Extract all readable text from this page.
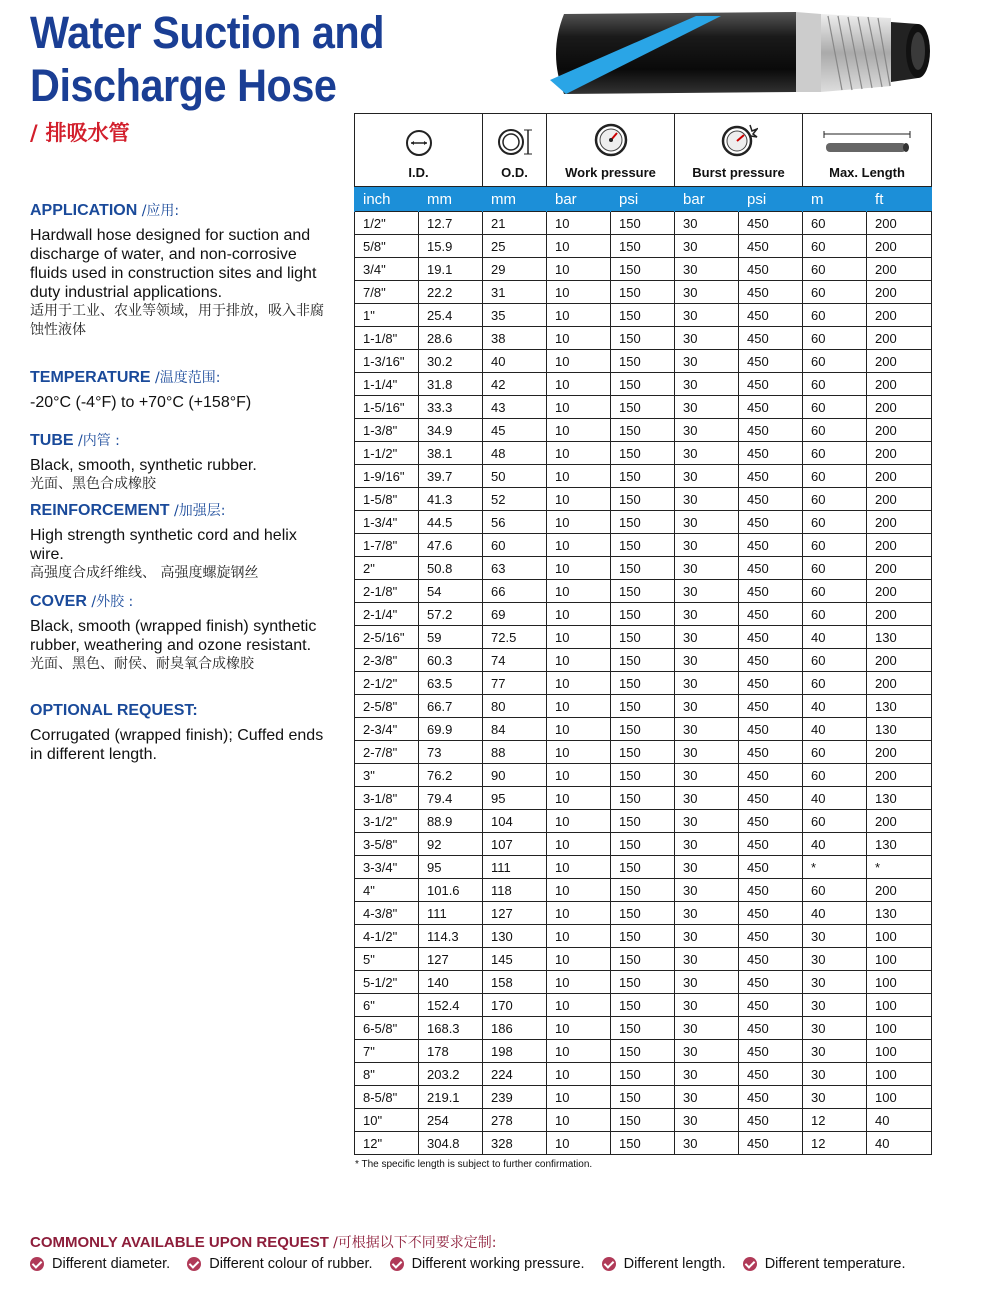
Water Suction and
Discharge Hose
/ 排吸水管
APPLICATION /应用:
Hardwall hose designed for suction and discharge of water, and non-corrosive fluids used in construction sites and light duty industrial applications.
适用于工业、农业等领域，用于排放，吸入非腐蚀性液体
TEMPERATURE /温度范围:
-20°C (-4°F) to +70°C (+158°F)
TUBE /内管 :
Black, smooth, synthetic rubber.
光面、黑色合成橡胶
REINFORCEMENT /加强层:
High strength synthetic cord and helix wire.
高强度合成纤维线、 高强度螺旋钢丝
COVER /外胶 :
Black, smooth (wrapped finish) synthetic rubber, weathering and ozone resistant.
光面、黑色、耐侯、耐臭氧合成橡胶
OPTIONAL REQUEST:
Corrugated (wrapped finish); Cuffed ends in different length.
I.D.		O.D.	Work pressure		Burst pressure		Max. Length	
inch	mm	mm	bar	psi	bar	psi	m	ft
1/2"	12.7	21	10	150	30	450	60	200
5/8"	15.9	25	10	150	30	450	60	200
3/4"	19.1	29	10	150	30	450	60	200
7/8"	22.2	31	10	150	30	450	60	200
1"	25.4	35	10	150	30	450	60	200
1-1/8"	28.6	38	10	150	30	450	60	200
1-3/16"	30.2	40	10	150	30	450	60	200
1-1/4"	31.8	42	10	150	30	450	60	200
1-5/16"	33.3	43	10	150	30	450	60	200
1-3/8"	34.9	45	10	150	30	450	60	200
1-1/2"	38.1	48	10	150	30	450	60	200
1-9/16"	39.7	50	10	150	30	450	60	200
1-5/8"	41.3	52	10	150	30	450	60	200
1-3/4"	44.5	56	10	150	30	450	60	200
1-7/8"	47.6	60	10	150	30	450	60	200
2"	50.8	63	10	150	30	450	60	200
2-1/8"	54	66	10	150	30	450	60	200
2-1/4"	57.2	69	10	150	30	450	60	200
2-5/16"	59	72.5	10	150	30	450	40	130
2-3/8"	60.3	74	10	150	30	450	60	200
2-1/2"	63.5	77	10	150	30	450	60	200
2-5/8"	66.7	80	10	150	30	450	40	130
2-3/4"	69.9	84	10	150	30	450	40	130
2-7/8"	73	88	10	150	30	450	60	200
3"	76.2	90	10	150	30	450	60	200
3-1/8"	79.4	95	10	150	30	450	40	130
3-1/2"	88.9	104	10	150	30	450	60	200
3-5/8"	92	107	10	150	30	450	40	130
3-3/4"	95	111	10	150	30	450	*	*
4"	101.6	118	10	150	30	450	60	200
4-3/8"	111	127	10	150	30	450	40	130
4-1/2"	114.3	130	10	150	30	450	30	100
5"	127	145	10	150	30	450	30	100
5-1/2"	140	158	10	150	30	450	30	100
6"	152.4	170	10	150	30	450	30	100
6-5/8"	168.3	186	10	150	30	450	30	100
7"	178	198	10	150	30	450	30	100
8"	203.2	224	10	150	30	450	30	100
8-5/8"	219.1	239	10	150	30	450	30	100
10"	254	278	10	150	30	450	12	40
12"	304.8	328	10	150	30	450	12	40
* The specific length is subject to further confirmation.
COMMONLY AVAILABLE UPON REQUEST /可根据以下不同要求定制:
Different diameter.	Different colour of rubber.	Different working pressure.	Different length.	Different temperature.
